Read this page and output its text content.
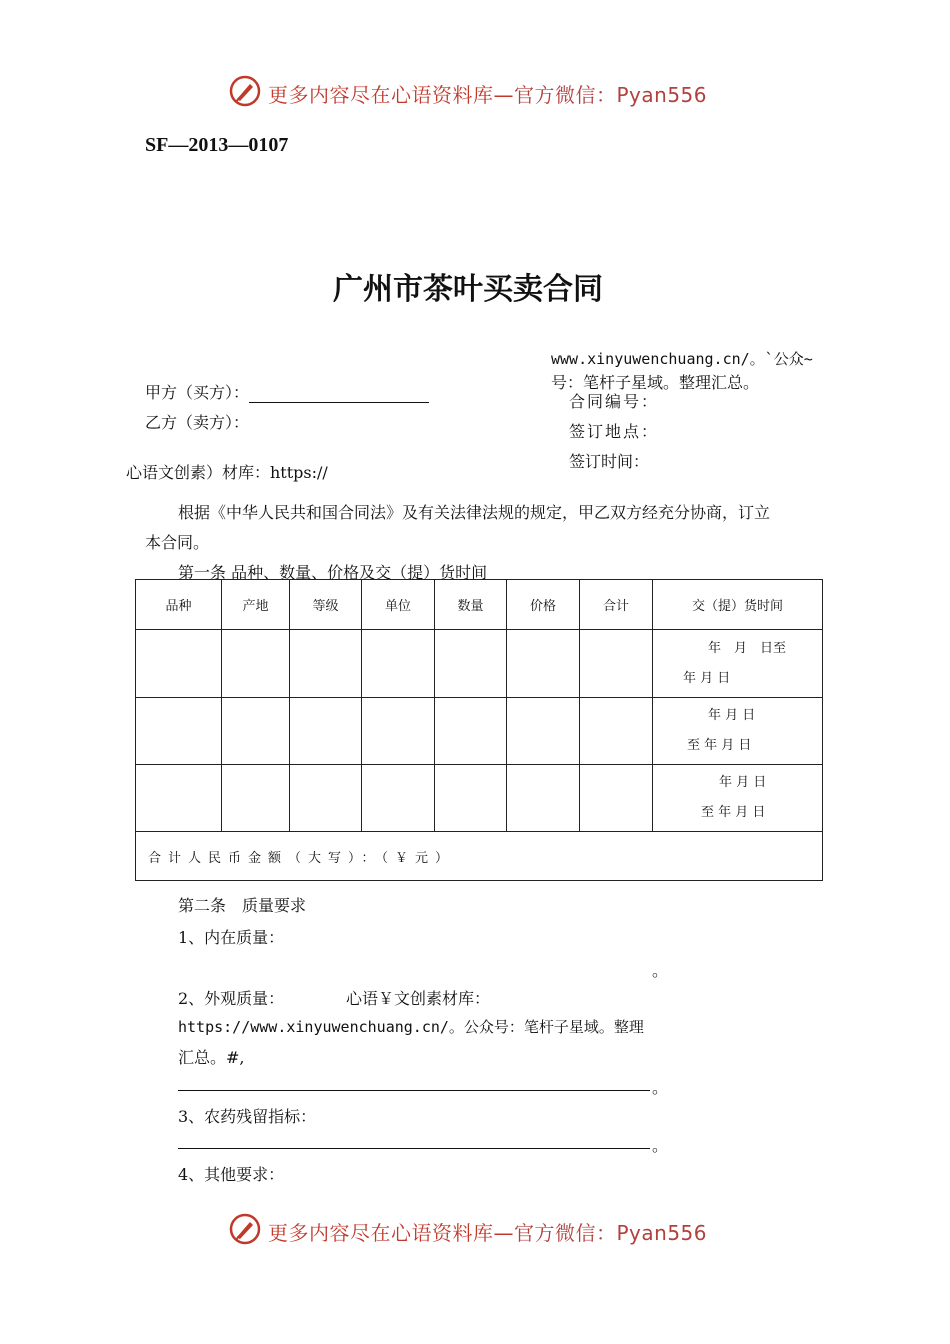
更多内容尽在心语资料库—官方微信：Pyan556
SF—2013—0107
广州市茶叶买卖合同
www.xinyuwenchuang.cn/。`公众~
号：笔杆子星域。整理汇总。
合同编号：
签订地点：
签订时间：
甲方（买方）：
乙方（卖方）：
心语文创素）材库：https://
根据《中华人民共和国合同法》及有关法律法规的规定，甲乙双方经充分协商，订立
本合同。
第一条 品种、数量、价格及交（提）货时间
品种	产地	等级	单位	数量	价格	合计	交（提）货时间

							年　月　日至
年 月 日

							年 月 日
至 年 月 日

							年 月 日
至 年 月 日

合计人民币金额（大写）：（￥元）							
第二条　质量要求
1、内在质量：
。
2、外观质量：	心语￥文创素材库：
https://www.xinyuwenchuang.cn/。公众号：笔杆子星域。整理
汇总。#,
。
3、农药残留指标：
。
4、其他要求：
更多内容尽在心语资料库—官方微信：Pyan556
